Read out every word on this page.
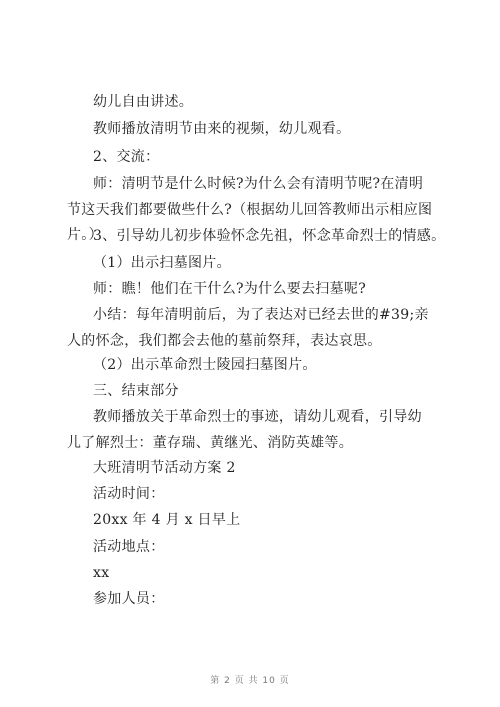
幼儿自由讲述。

教师播放清明节由来的视频，幼儿观看。

2、交流：

师：清明节是什么时候?为什么会有清明节呢?在清明节这天我们都要做些什么?（根据幼儿回答教师出示相应图片。）

3、引导幼儿初步体验怀念先祖，怀念革命烈士的情感。

（1）出示扫墓图片。

师：瞧！他们在干什么?为什么要去扫墓呢?

小结：每年清明前后，为了表达对已经去世的#39;亲人的怀念，我们都会去他的墓前祭拜，表达哀思。

（2）出示革命烈士陵园扫墓图片。

三、结束部分

教师播放关于革命烈士的事迹，请幼儿观看，引导幼儿了解烈士：董存瑞、黄继光、消防英雄等。

大班清明节活动方案 2

活动时间：

20xx 年 4 月 x 日早上

活动地点：

xx

参加人员：

第 2 页 共 10 页
